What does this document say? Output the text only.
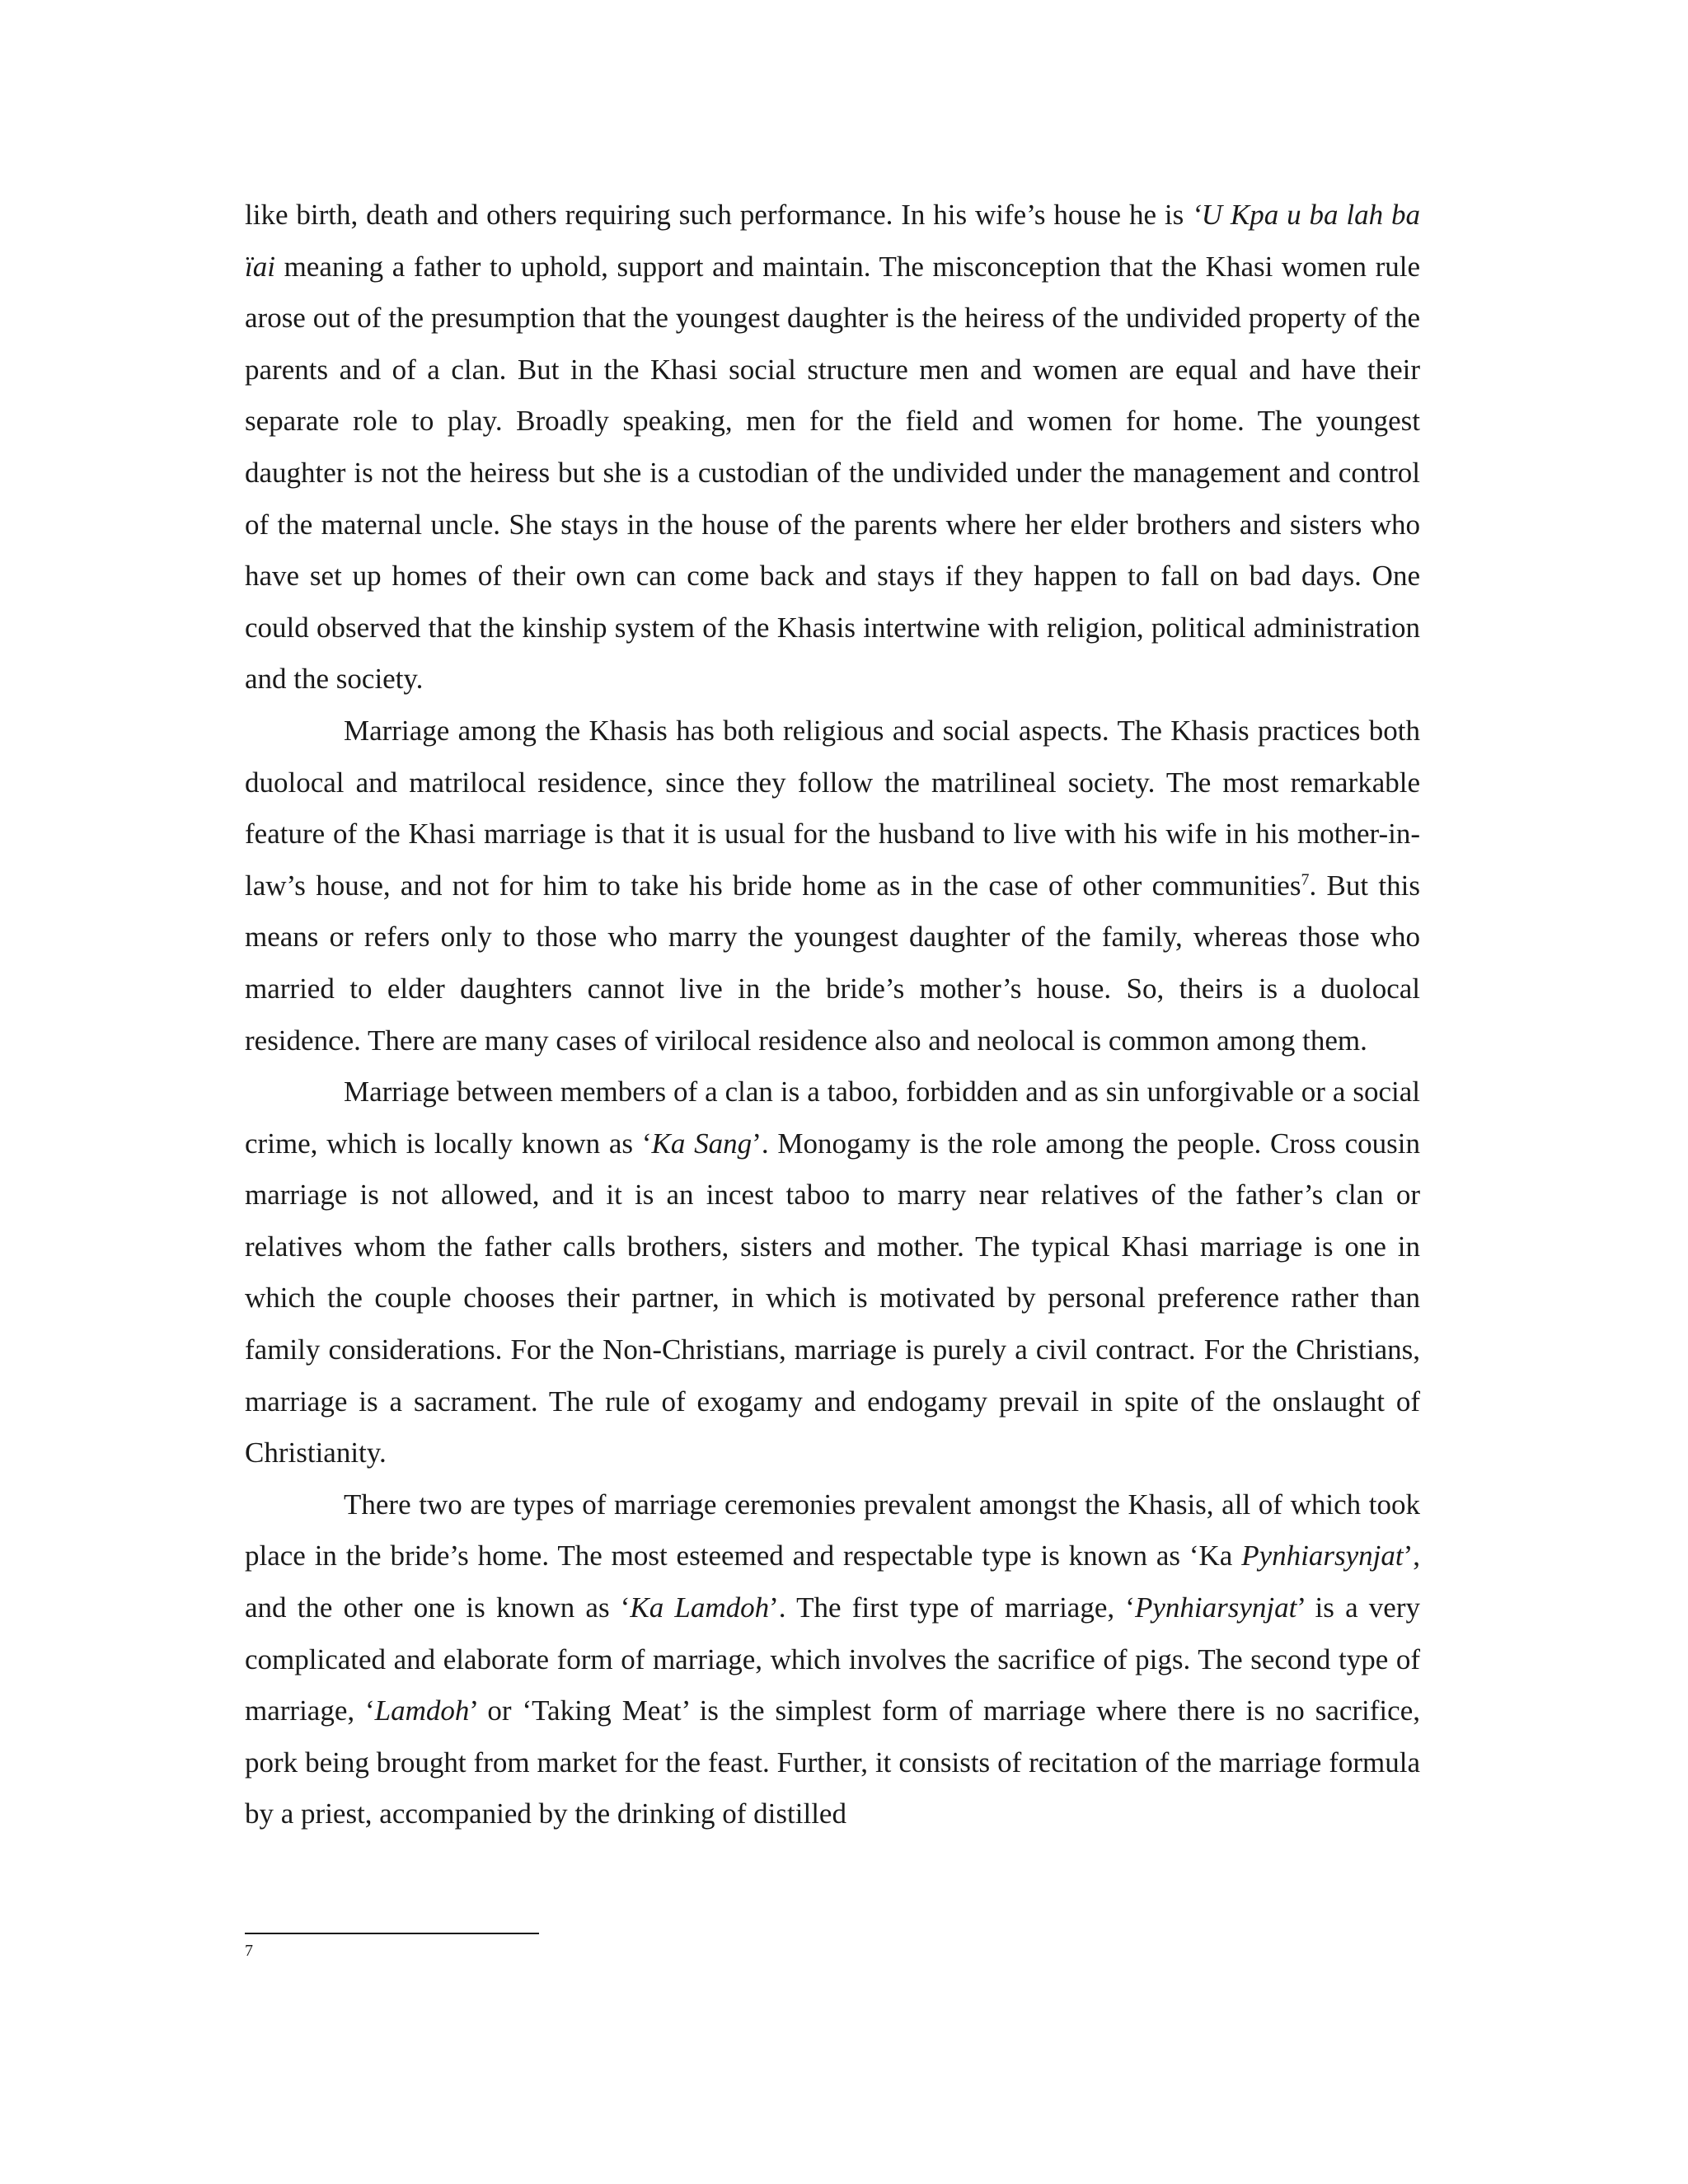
like birth, death and others requiring such performance. In his wife’s house he is ‘U Kpa u ba lah ba ïai meaning a father to uphold, support and maintain. The misconception that the Khasi women rule arose out of the presumption that the youngest daughter is the heiress of the undivided property of the parents and of a clan. But in the Khasi social structure men and women are equal and have their separate role to play. Broadly speaking, men for the field and women for home. The youngest daughter is not the heiress but she is a custodian of the undivided under the management and control of the maternal uncle. She stays in the house of the parents where her elder brothers and sisters who have set up homes of their own can come back and stays if they happen to fall on bad days. One could observed that the kinship system of the Khasis intertwine with religion, political administration and the society.

Marriage among the Khasis has both religious and social aspects. The Khasis practices both duolocal and matrilocal residence, since they follow the matrilineal society. The most remarkable feature of the Khasi marriage is that it is usual for the husband to live with his wife in his mother-in- law’s house, and not for him to take his bride home as in the case of other communities$^7$. But this means or refers only to those who marry the youngest daughter of the family, whereas those who married to elder daughters cannot live in the bride’s mother’s house. So, theirs is a duolocal residence. There are many cases of virilocal residence also and neolocal is common among them.

Marriage between members of a clan is a taboo, forbidden and as sin unforgivable or a social crime, which is locally known as ‘Ka Sang’. Monogamy is the role among the people. Cross cousin marriage is not allowed, and it is an incest taboo to marry near relatives of the father’s clan or relatives whom the father calls brothers, sisters and mother. The typical Khasi marriage is one in which the couple chooses their partner, in which is motivated by personal preference rather than family considerations. For the Non-Christians, marriage is purely a civil contract. For the Christians, marriage is a sacrament. The rule of exogamy and endogamy prevail in spite of the onslaught of Christianity.

There two are types of marriage ceremonies prevalent amongst the Khasis, all of which took place in the bride’s home. The most esteemed and respectable type is known as ‘Ka Pynhiarsynjat’, and the other one is known as ‘Ka Lamdoh’. The first type of marriage, ‘Pynhiarsynjat’ is a very complicated and elaborate form of marriage, which involves the sacrifice of pigs. The second type of marriage, ‘Lamdoh’ or ‘Taking Meat’ is the simplest form of marriage where there is no sacrifice, pork being brought from market for the feast. Further, it consists of recitation of the marriage formula by a priest, accompanied by the drinking of distilled

7
